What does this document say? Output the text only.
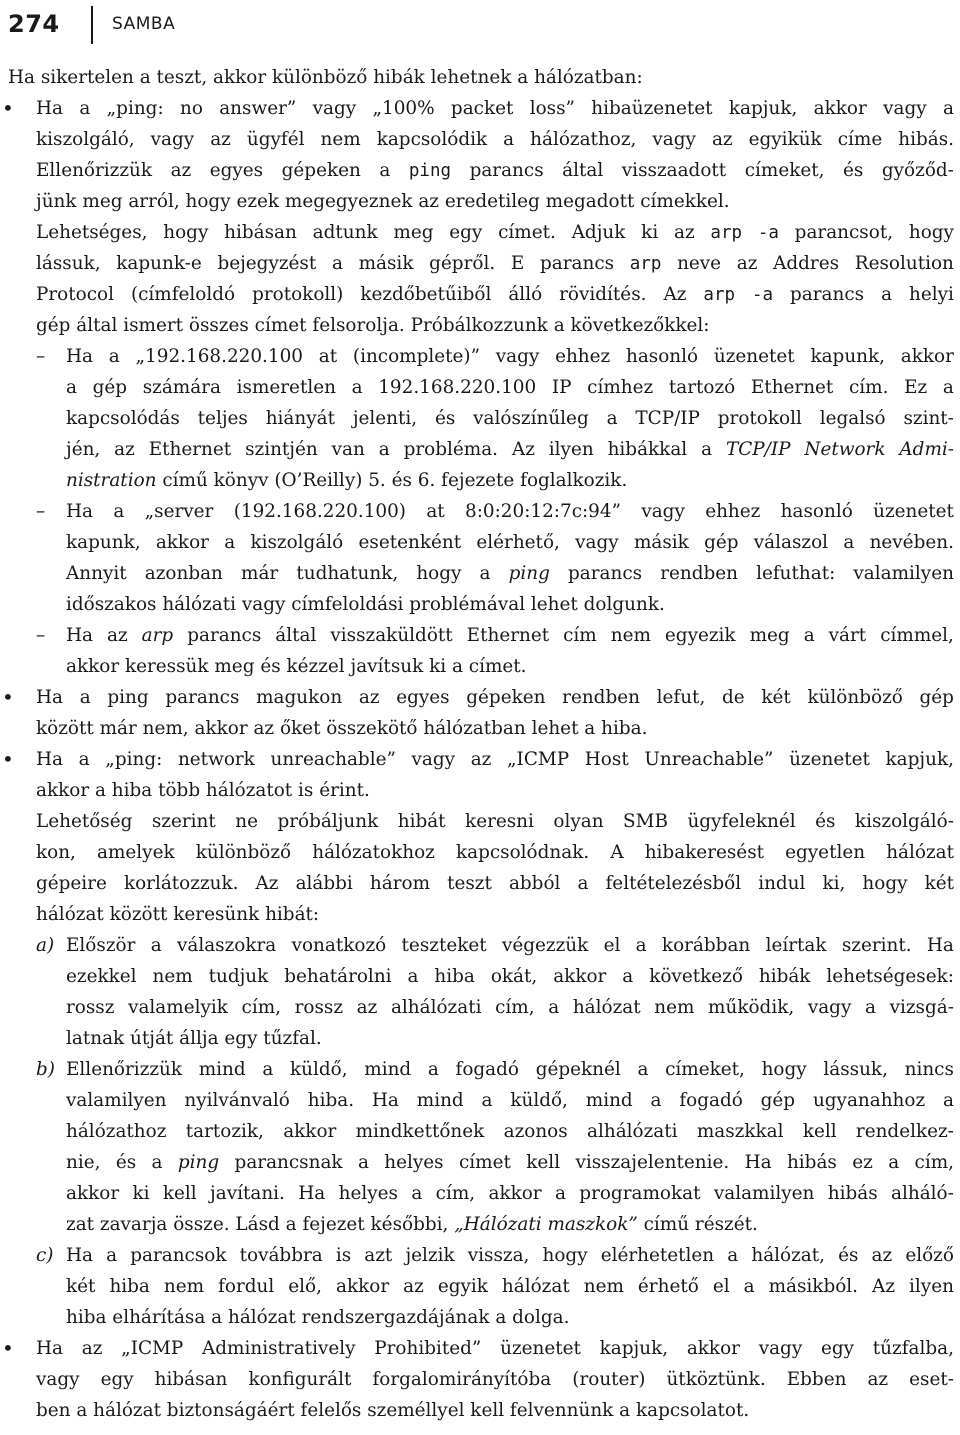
274	SAMBA
Ha sikertelen a teszt, akkor különböző hibák lehetnek a hálózatban:
• Ha a „ping: no answer” vagy „100% packet loss” hibaüzenetet kapjuk, akkor vagy a
kiszolgáló, vagy az ügyfél nem kapcsolódik a hálózathoz, vagy az egyikük címe hibás.
Ellenőrizzük az egyes gépeken a ping parancs által visszaadott címeket, és győződ-
jünk meg arról, hogy ezek megegyeznek az eredetileg megadott címekkel.
Lehetséges, hogy hibásan adtunk meg egy címet. Adjuk ki az arp -a parancsot, hogy
lássuk, kapunk-e bejegyzést a másik gépről. E parancs arp neve az Addres Resolution
Protocol (címfeloldó protokoll) kezdőbetűiből álló rövidítés. Az arp -a parancs a helyi
gép által ismert összes címet felsorolja. Próbálkozzunk a következőkkel:
– Ha a „192.168.220.100 at (incomplete)” vagy ehhez hasonló üzenetet kapunk, akkor
a gép számára ismeretlen a 192.168.220.100 IP címhez tartozó Ethernet cím. Ez a
kapcsolódás teljes hiányát jelenti, és valószínűleg a TCP/IP protokoll legalsó szint-
jén, az Ethernet szintjén van a probléma. Az ilyen hibákkal a TCP/IP Network Admi-
nistration című könyv (O’Reilly) 5. és 6. fejezete foglalkozik.
– Ha a „server (192.168.220.100) at 8:0:20:12:7c:94” vagy ehhez hasonló üzenetet
kapunk, akkor a kiszolgáló esetenként elérhető, vagy másik gép válaszol a nevében.
Annyit azonban már tudhatunk, hogy a ping parancs rendben lefuthat: valamilyen
időszakos hálózati vagy címfeloldási problémával lehet dolgunk.
– Ha az arp parancs által visszaküldött Ethernet cím nem egyezik meg a várt címmel,
akkor keressük meg és kézzel javítsuk ki a címet.
• Ha a ping parancs magukon az egyes gépeken rendben lefut, de két különböző gép
között már nem, akkor az őket összekötő hálózatban lehet a hiba.
• Ha a „ping: network unreachable” vagy az „ICMP Host Unreachable” üzenetet kapjuk,
akkor a hiba több hálózatot is érint.
Lehetőség szerint ne próbáljunk hibát keresni olyan SMB ügyfeleknél és kiszolgáló-
kon, amelyek különböző hálózatokhoz kapcsolódnak. A hibakeresést egyetlen hálózat
gépeire korlátozzuk. Az alábbi három teszt abból a feltételezésből indul ki, hogy két
hálózat között keresünk hibát:
a) Először a válaszokra vonatkozó teszteket végezzük el a korábban leírtak szerint. Ha
ezekkel nem tudjuk behatárolni a hiba okát, akkor a következő hibák lehetségesek:
rossz valamelyik cím, rossz az alhálózati cím, a hálózat nem működik, vagy a vizsgá-
latnak útját állja egy tűzfal.
b) Ellenőrizzük mind a küldő, mind a fogadó gépeknél a címeket, hogy lássuk, nincs
valamilyen nyilvánvaló hiba. Ha mind a küldő, mind a fogadó gép ugyanahhoz a
hálózathoz tartozik, akkor mindkettőnek azonos alhálózati maszkkal kell rendelkez-
nie, és a ping parancsnak a helyes címet kell visszajelentenie. Ha hibás ez a cím,
akkor ki kell javítani. Ha helyes a cím, akkor a programokat valamilyen hibás alháló-
zat zavarja össze. Lásd a fejezet későbbi, „Hálózati maszkok” című részét.
c) Ha a parancsok továbbra is azt jelzik vissza, hogy elérhetetlen a hálózat, és az előző
két hiba nem fordul elő, akkor az egyik hálózat nem érhető el a másikból. Az ilyen
hiba elhárítása a hálózat rendszergazdájának a dolga.
• Ha az „ICMP Administratively Prohibited” üzenetet kapjuk, akkor vagy egy tűzfalba,
vagy egy hibásan konfigurált forgalomirányítóba (router) ütköztünk. Ebben az eset-
ben a hálózat biztonságáért felelős személlyel kell felvennünk a kapcsolatot.
